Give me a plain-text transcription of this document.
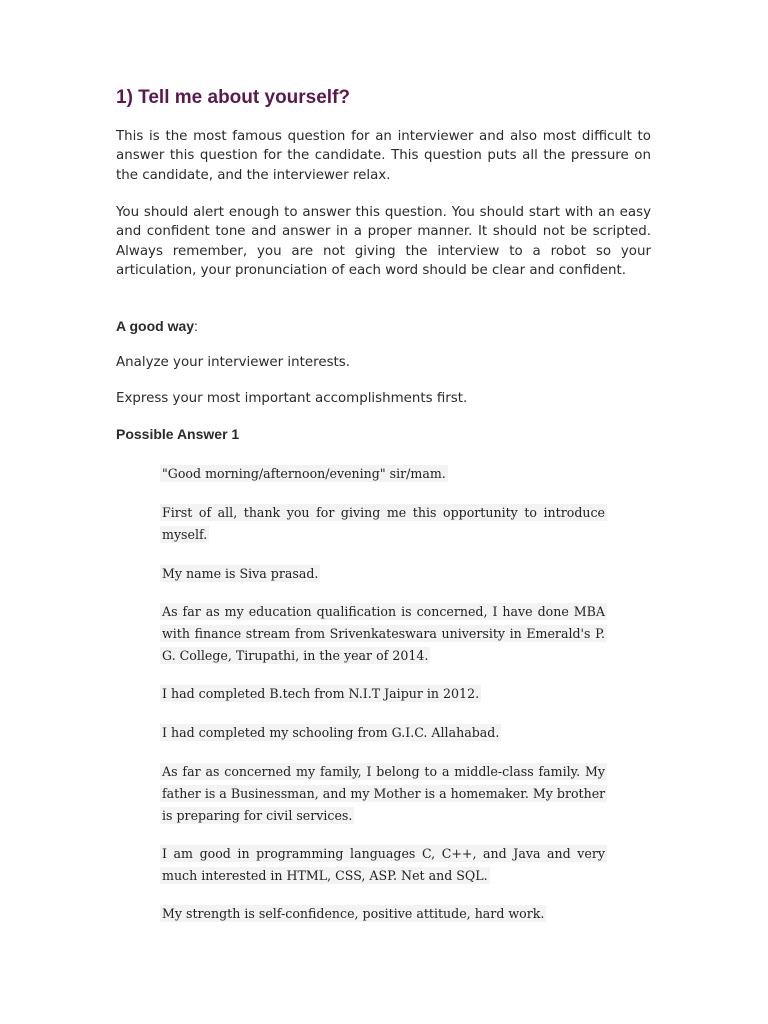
1) Tell me about yourself?

This is the most famous question for an interviewer and also most difficult to answer this question for the candidate. This question puts all the pressure on the candidate, and the interviewer relax.

You should alert enough to answer this question. You should start with an easy and confident tone and answer in a proper manner. It should not be scripted. Always remember, you are not giving the interview to a robot so your articulation, your pronunciation of each word should be clear and confident.

A good way:

Analyze your interviewer interests.

Express your most important accomplishments first.

Possible Answer 1

"Good morning/afternoon/evening" sir/mam.

First of all, thank you for giving me this opportunity to introduce myself.

My name is Siva prasad.

As far as my education qualification is concerned, I have done MBA with finance stream from Srivenkateswara university in Emerald's P. G. College, Tirupathi, in the year of 2014.

I had completed B.tech from N.I.T Jaipur in 2012.

I had completed my schooling from G.I.C. Allahabad.

As far as concerned my family, I belong to a middle-class family. My father is a Businessman, and my Mother is a homemaker. My brother is preparing for civil services.

I am good in programming languages C, C++, and Java and very much interested in HTML, CSS, ASP. Net and SQL.

My strength is self-confidence, positive attitude, hard work.
